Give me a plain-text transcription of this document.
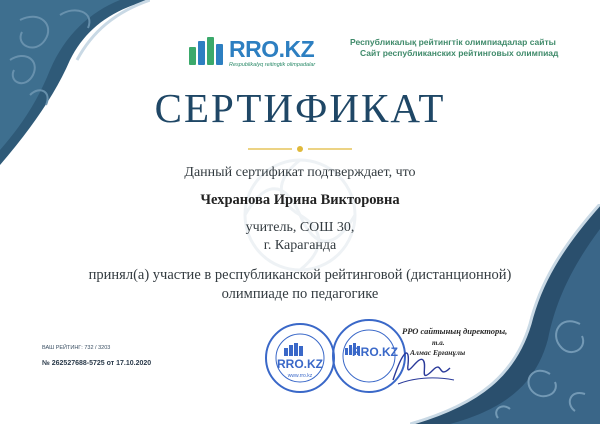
RRO.KZ
Respublikalyq reitingtik olimpadalar
Республикалық рейтингтік олимпиадалар сайты
Сайт республиканских рейтинговых олимпиад
СЕРТИФИКАТ
Данный сертификат подтверждает, что
Чехранова Ирина Викторовна
учитель, СОШ 30,
г. Караганда
принял(а) участие в республиканской рейтинговой (дистанционной)
олимпиаде по педагогике
ВАШ РЕЙТИНГ: 732 / 3203
№ 262527688-5725 от 17.10.2020	RRO.KZ
www.rro.kz
RRO.KZ
РРО сайтының директоры,
т.а.
Алмас Ерғанұлы
